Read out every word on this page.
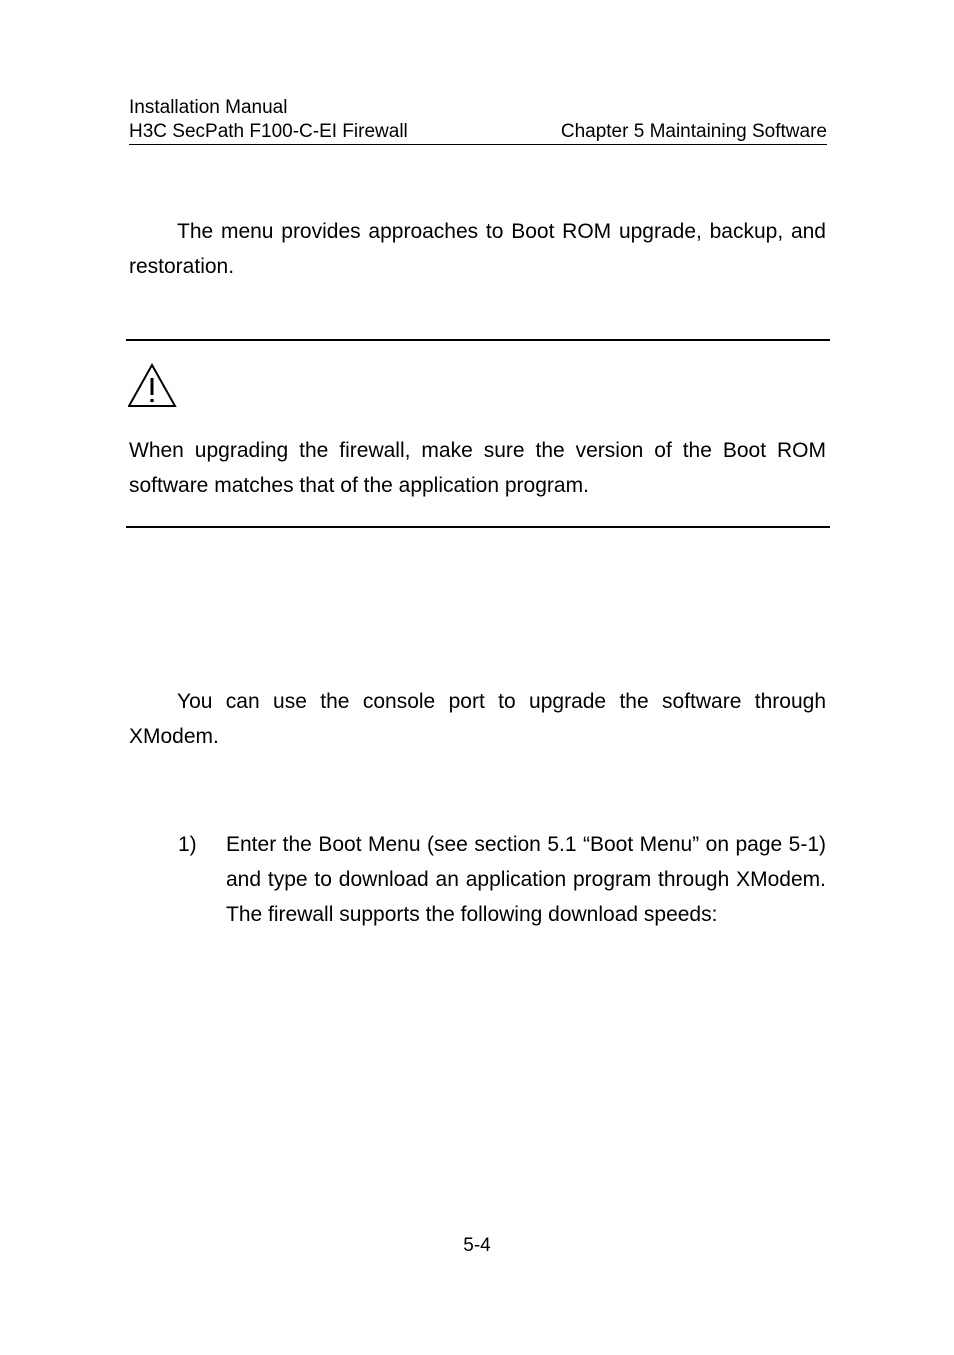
Installation Manual
H3C SecPath F100-C-EI Firewall	Chapter 5 Maintaining Software
The menu provides approaches to Boot ROM upgrade, backup, and restoration.
When upgrading the firewall, make sure the version of the Boot ROM software matches that of the application program.
You can use the console port to upgrade the software through XModem.
1)	Enter the Boot Menu (see section 5.1 “Boot Menu” on page 5-1) and type to download an application program through XModem. The firewall supports the following download speeds:
5-4
